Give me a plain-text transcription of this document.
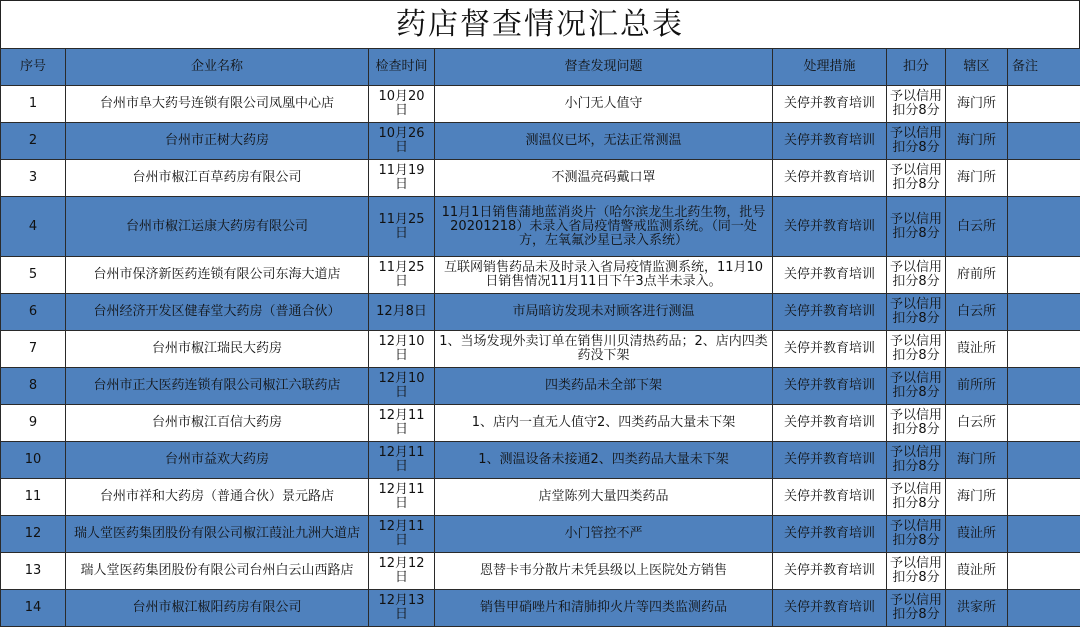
药店督查情况汇总表
序号	企业名称	检查时间	督查发现问题	处理措施	扣分	辖区	备注
1	台州市阜大药号连锁有限公司凤凰中心店	10月20日	小门无人值守	关停并教育培训	予以信用扣分8分	海门所	
2	台州市正树大药房	10月26日	测温仪已坏，无法正常测温	关停并教育培训	予以信用扣分8分	海门所	
3	台州市椒江百草药房有限公司	11月19日	不测温亮码戴口罩	关停并教育培训	予以信用扣分8分	海门所	
4	台州市椒江运康大药房有限公司	11月25日	11月1日销售蒲地蓝消炎片（哈尔滨龙生北药生物，批号20201218）未录入省局疫情警戒监测系统。（同一处方，左氧氟沙星已录入系统）	关停并教育培训	予以信用扣分8分	白云所	
5	台州市保济新医药连锁有限公司东海大道店	11月25日	互联网销售药品未及时录入省局疫情监测系统，11月10日销售情况11月11日下午3点半未录入。	关停并教育培训	予以信用扣分8分	府前所	
6	台州经济开发区健春堂大药房（普通合伙）	12月8日	市局暗访发现未对顾客进行测温	关停并教育培训	予以信用扣分8分	白云所	
7	台州市椒江瑞民大药房	12月10日	1、当场发现外卖订单在销售川贝清热药品；2、店内四类药没下架	关停并教育培训	予以信用扣分8分	葭沚所	
8	台州市正大医药连锁有限公司椒江六联药店	12月10日	四类药品未全部下架	关停并教育培训	予以信用扣分8分	前所所	
9	台州市椒江百信大药房	12月11日	1、店内一直无人值守2、四类药品大量未下架	关停并教育培训	予以信用扣分8分	白云所	
10	台州市益欢大药房	12月11日	1、测温设备未接通2、四类药品大量未下架	关停并教育培训	予以信用扣分8分	海门所	
11	台州市祥和大药房（普通合伙）景元路店	12月11日	店堂陈列大量四类药品	关停并教育培训	予以信用扣分8分	海门所	
12	瑞人堂医药集团股份有限公司椒江葭沚九洲大道店	12月11日	小门管控不严	关停并教育培训	予以信用扣分8分	葭沚所	
13	瑞人堂医药集团股份有限公司台州白云山西路店	12月12日	恩替卡韦分散片未凭县级以上医院处方销售	关停并教育培训	予以信用扣分8分	葭沚所	
14	台州市椒江椒阳药房有限公司	12月13日	销售甲硝唑片和清肺抑火片等四类监测药品	关停并教育培训	予以信用扣分8分	洪家所	
